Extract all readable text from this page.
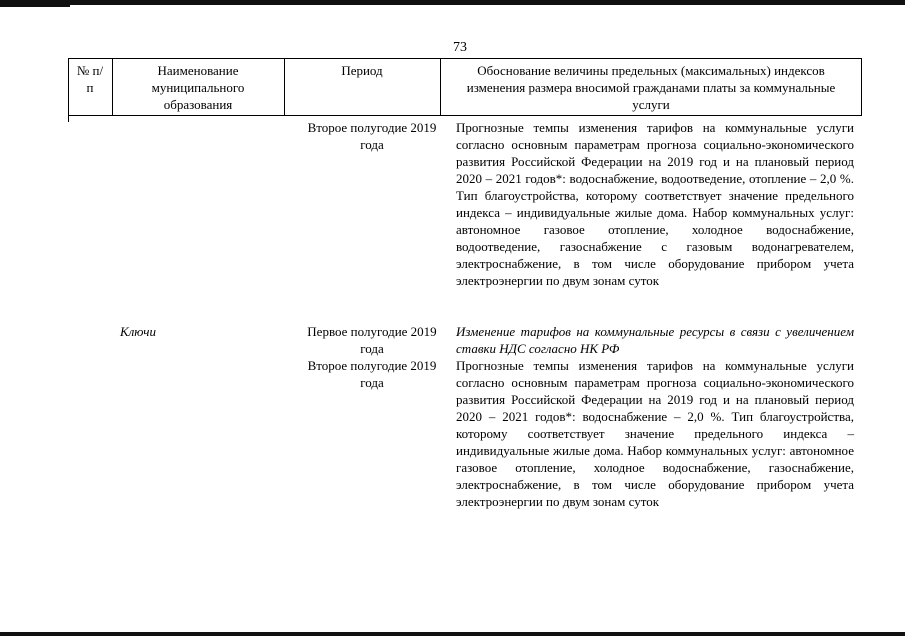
73
№ п/п
Наименование муниципального образования
Период	Обоснование величины предельных (максимальных) индексов изменения размера вносимой гражданами платы за коммунальные услуги
Второе полугодие 2019 года
Прогнозные темпы изменения тарифов на коммунальные услуги согласно основным параметрам прогноза социально-экономического развития Российской Федерации на 2019 год и на плановый период 2020 – 2021 годов*: водоснабжение, водоотведение, отопление – 2,0 %. Тип благоустройства, которому соответствует значение предельного индекса – индивидуальные жилые дома. Набор коммунальных услуг: автономное газовое отопление, холодное водоснабжение, водоотведение, газоснабжение с газовым водонагревателем, электроснабжение, в том числе оборудование прибором учета электроэнергии по двум зонам суток
Ключи	Первое полугодие 2019 года
Второе полугодие 2019 года
Изменение тарифов на коммунальные ресурсы в связи с увеличением ставки НДС согласно НК РФ
Прогнозные темпы изменения тарифов на коммунальные услуги согласно основным параметрам прогноза социально-экономического развития Российской Федерации на 2019 год и на плановый период 2020 – 2021 годов*: водоснабжение – 2,0 %. Тип благоустройства, которому соответствует значение предельного индекса – индивидуальные жилые дома. Набор коммунальных услуг: автономное газовое отопление, холодное водоснабжение, газоснабжение, электроснабжение, в том числе оборудование прибором учета электроэнергии по двум зонам суток
